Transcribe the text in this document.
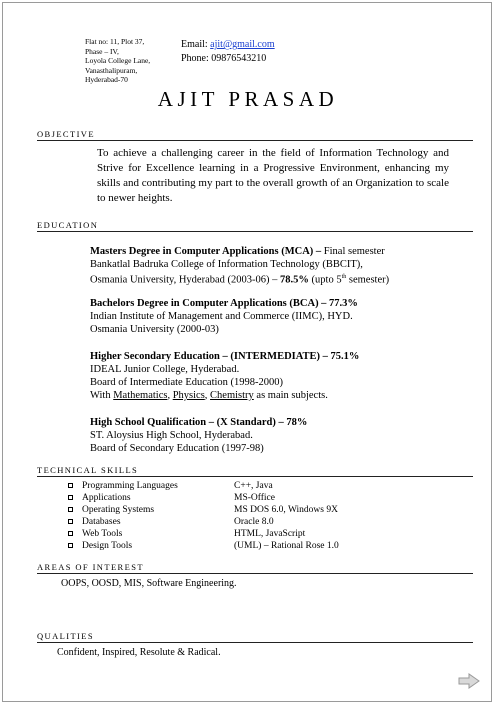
Flat no: 11, Plot 37,
Phase – IV,
Loyola College Lane,
Vanasthalipuram,
Hyderabad-70
Email: ajit@gmail.com
Phone: 09876543210
AJIT PRASAD
OBJECTIVE
To achieve a challenging career in the field of Information Technology and Strive for Excellence learning in a Progressive Environment, enhancing my skills and contributing my part to the overall growth of an Organization to scale to newer heights.
EDUCATION
Masters Degree in Computer Applications (MCA) – Final semester
Bankatlal Badruka College of Information Technology (BBCIT),
Osmania University, Hyderabad (2003-06) – 78.5% (upto 5th semester)
Bachelors Degree in Computer Applications (BCA) – 77.3%
Indian Institute of Management and Commerce (IIMC), HYD.
Osmania University (2000-03)
Higher Secondary Education – (INTERMEDIATE) – 75.1%
IDEAL Junior College, Hyderabad.
Board of Intermediate Education (1998-2000)
With Mathematics, Physics, Chemistry as main subjects.
High School Qualification – (X Standard) – 78%
ST. Aloysius High School, Hyderabad.
Board of Secondary Education (1997-98)
TECHNICAL SKILLS
Programming Languages	C++, Java
Applications	MS-Office
Operating Systems	MS DOS 6.0, Windows 9X
Databases	Oracle 8.0
Web Tools	HTML, JavaScript
Design Tools	(UML) – Rational Rose 1.0
AREAS OF INTEREST
OOPS, OOSD, MIS, Software Engineering.
QUALITIES
Confident, Inspired, Resolute & Radical.
